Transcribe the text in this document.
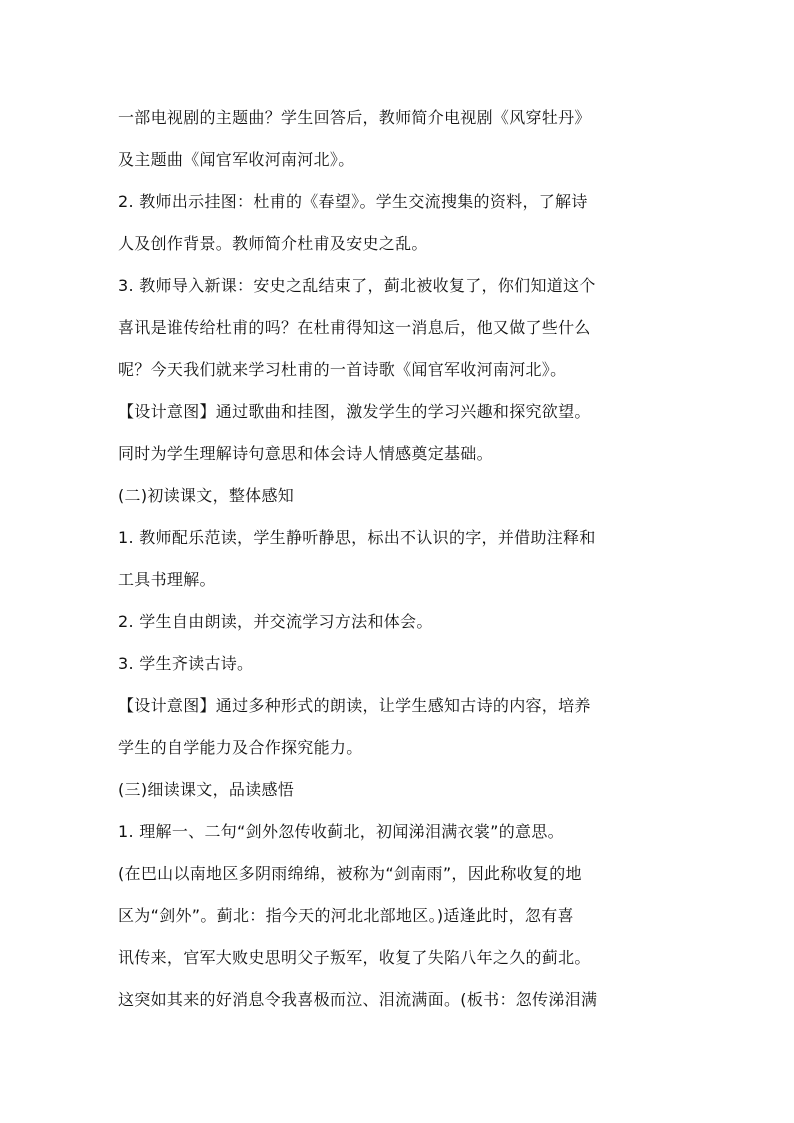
一部电视剧的主题曲？学生回答后，教师简介电视剧《风穿牡丹》
及主题曲《闻官军收河南河北》。
2. 教师出示挂图：杜甫的《春望》。学生交流搜集的资料，了解诗
人及创作背景。教师简介杜甫及安史之乱。
3. 教师导入新课：安史之乱结束了，蓟北被收复了，你们知道这个
喜讯是谁传给杜甫的吗？在杜甫得知这一消息后，他又做了些什么
呢？今天我们就来学习杜甫的一首诗歌《闻官军收河南河北》。
【设计意图】通过歌曲和挂图，激发学生的学习兴趣和探究欲望。
同时为学生理解诗句意思和体会诗人情感奠定基础。
(二)初读课文，整体感知
1. 教师配乐范读，学生静听静思，标出不认识的字，并借助注释和
工具书理解。
2. 学生自由朗读，并交流学习方法和体会。
3. 学生齐读古诗。
【设计意图】通过多种形式的朗读，让学生感知古诗的内容，培养
学生的自学能力及合作探究能力。
(三)细读课文，品读感悟
1. 理解一、二句“剑外忽传收蓟北，初闻涕泪满衣裳”的意思。
(在巴山以南地区多阴雨绵绵，被称为“剑南雨”，因此称收复的地
区为“剑外”。蓟北：指今天的河北北部地区。)适逢此时，忽有喜
讯传来，官军大败史思明父子叛军，收复了失陷八年之久的蓟北。
这突如其来的好消息令我喜极而泣、泪流满面。(板书：忽传涕泪满
